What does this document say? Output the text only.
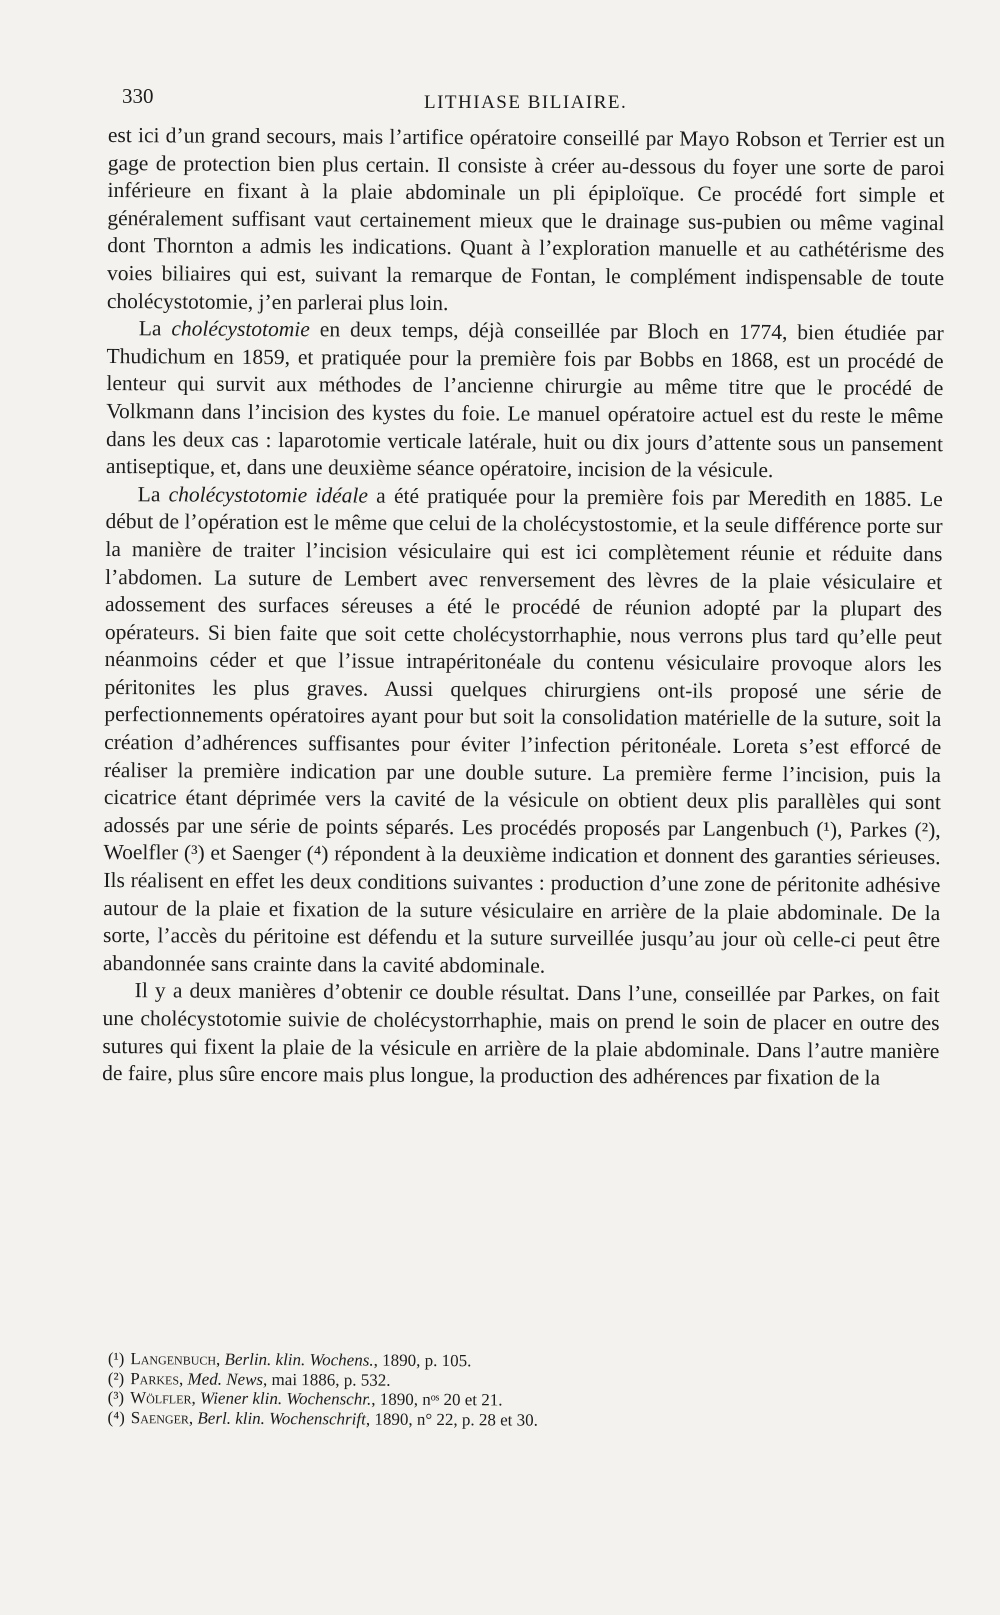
330	LITHIASE BILIAIRE.

est ici d’un grand secours, mais l’artifice opératoire conseillé par Mayo Robson et Terrier est un gage de protection bien plus certain. Il consiste à créer au-dessous du foyer une sorte de paroi inférieure en fixant à la plaie abdominale un pli épiploïque. Ce procédé fort simple et généralement suffisant vaut certainement mieux que le drainage sus-pubien ou même vaginal dont Thornton a admis les indications. Quant à l’exploration manuelle et au cathétérisme des voies biliaires qui est, suivant la remarque de Fontan, le complément indispensable de toute cholécystotomie, j’en parlerai plus loin.

La cholécystotomie en deux temps, déjà conseillée par Bloch en 1774, bien étudiée par Thudichum en 1859, et pratiquée pour la première fois par Bobbs en 1868, est un procédé de lenteur qui survit aux méthodes de l’ancienne chirurgie au même titre que le procédé de Volkmann dans l’incision des kystes du foie. Le manuel opératoire actuel est du reste le même dans les deux cas : laparotomie verticale latérale, huit ou dix jours d’attente sous un pansement antiseptique, et, dans une deuxième séance opératoire, incision de la vésicule.

La cholécystotomie idéale a été pratiquée pour la première fois par Meredith en 1885. Le début de l’opération est le même que celui de la cholécystostomie, et la seule différence porte sur la manière de traiter l’incision vésiculaire qui est ici complètement réunie et réduite dans l’abdomen. La suture de Lembert avec renversement des lèvres de la plaie vésiculaire et adossement des surfaces séreuses a été le procédé de réunion adopté par la plupart des opérateurs. Si bien faite que soit cette cholécystorrhaphie, nous verrons plus tard qu’elle peut néanmoins céder et que l’issue intrapéritonéale du contenu vésiculaire provoque alors les péritonites les plus graves. Aussi quelques chirurgiens ont-ils proposé une série de perfectionnements opératoires ayant pour but soit la consolidation matérielle de la suture, soit la création d’adhérences suffisantes pour éviter l’infection péritonéale. Loreta s’est efforcé de réaliser la première indication par une double suture. La première ferme l’incision, puis la cicatrice étant déprimée vers la cavité de la vésicule on obtient deux plis parallèles qui sont adossés par une série de points séparés. Les procédés proposés par Langenbuch (¹), Parkes (²), Woelfler (³) et Saenger (⁴) répondent à la deuxième indication et donnent des garanties sérieuses. Ils réalisent en effet les deux conditions suivantes : production d’une zone de péritonite adhésive autour de la plaie et fixation de la suture vésiculaire en arrière de la plaie abdominale. De la sorte, l’accès du péritoine est défendu et la suture surveillée jusqu’au jour où celle-ci peut être abandonnée sans crainte dans la cavité abdominale.

Il y a deux manières d’obtenir ce double résultat. Dans l’une, conseillée par Parkes, on fait une cholécystotomie suivie de cholécystorrhaphie, mais on prend le soin de placer en outre des sutures qui fixent la plaie de la vésicule en arrière de la plaie abdominale. Dans l’autre manière de faire, plus sûre encore mais plus longue, la production des adhérences par fixation de la

(¹) Langenbuch, Berlin. klin. Wochens., 1890, p. 105.
(²) Parkes, Med. News, mai 1886, p. 532.
(³) Wölfler, Wiener klin. Wochenschr., 1890, nᵒˢ 20 et 21.
(⁴) Saenger, Berl. klin. Wochenschrift, 1890, n° 22, p. 28 et 30.
